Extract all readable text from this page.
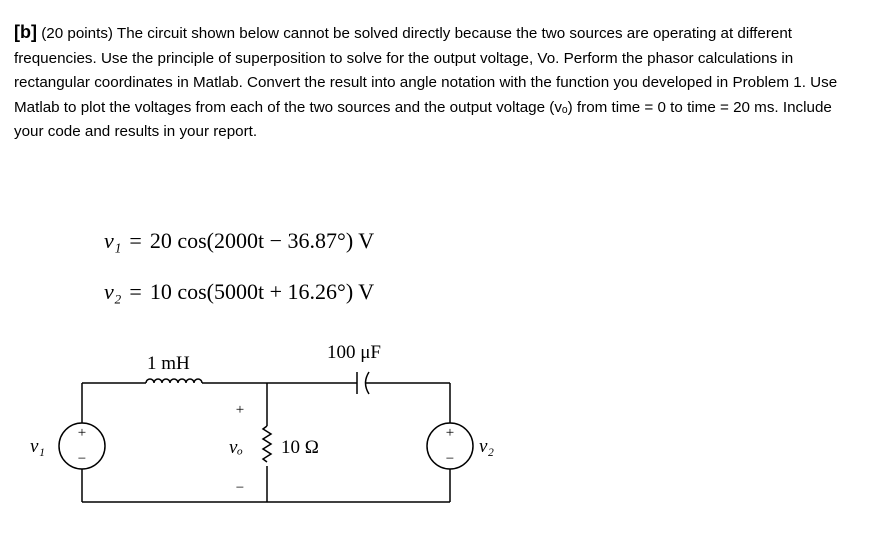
[b] (20 points) The circuit shown below cannot be solved directly because the two sources are operating at different frequencies. Use the principle of superposition to solve for the output voltage, Vo. Perform the phasor calculations in rectangular coordinates in Matlab. Convert the result into angle notation with the function you developed in Problem 1. Use Matlab to plot the voltages from each of the two sources and the output voltage (vₒ) from time = 0 to time = 20 ms. Include your code and results in your report.

v₁ = 20 cos(2000t − 36.87°) V
v₂ = 10 cos(5000t + 16.26°) V
+
−
+
−
+
−
1 mH
100 μF
10 Ω
v₁	v₂
vₒ
